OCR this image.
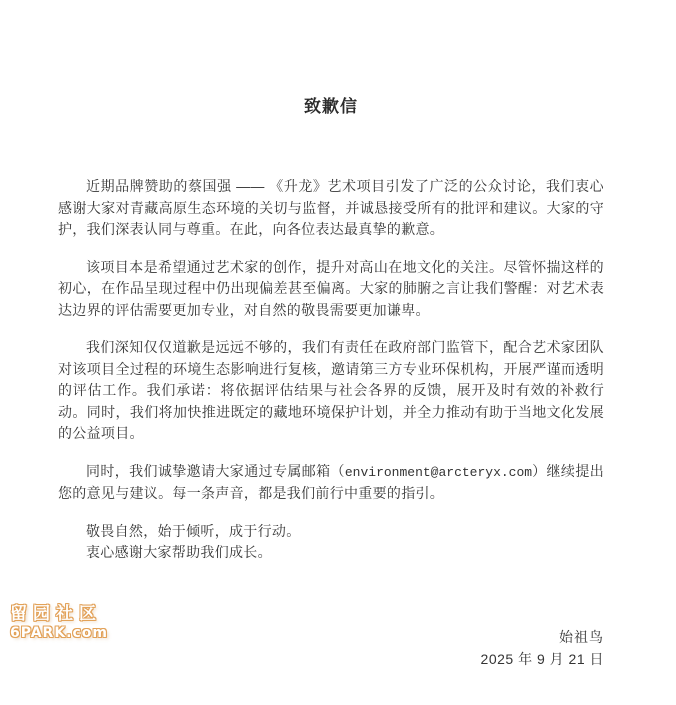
致歉信

近期品牌赞助的蔡国强 —— 《升龙》艺术项目引发了广泛的公众讨论，我们衷心感谢大家对青藏高原生态环境的关切与监督，并诚恳接受所有的批评和建议。大家的守护，我们深表认同与尊重。在此，向各位表达最真挚的歉意。

该项目本是希望通过艺术家的创作，提升对高山在地文化的关注。尽管怀揣这样的初心，在作品呈现过程中仍出现偏差甚至偏离。大家的肺腑之言让我们警醒：对艺术表达边界的评估需要更加专业，对自然的敬畏需要更加谦卑。

我们深知仅仅道歉是远远不够的，我们有责任在政府部门监管下，配合艺术家团队对该项目全过程的环境生态影响进行复核，邀请第三方专业环保机构，开展严谨而透明的评估工作。我们承诺：将依据评估结果与社会各界的反馈，展开及时有效的补救行动。同时，我们将加快推进既定的藏地环境保护计划，并全力推动有助于当地文化发展的公益项目。

同时，我们诚挚邀请大家通过专属邮箱（environment@arcteryx.com）继续提出您的意见与建议。每一条声音，都是我们前行中重要的指引。

敬畏自然，始于倾听，成于行动。

衷心感谢大家帮助我们成长。

始祖鸟
2025 年 9 月 21 日
留园社区
6PARK.com
